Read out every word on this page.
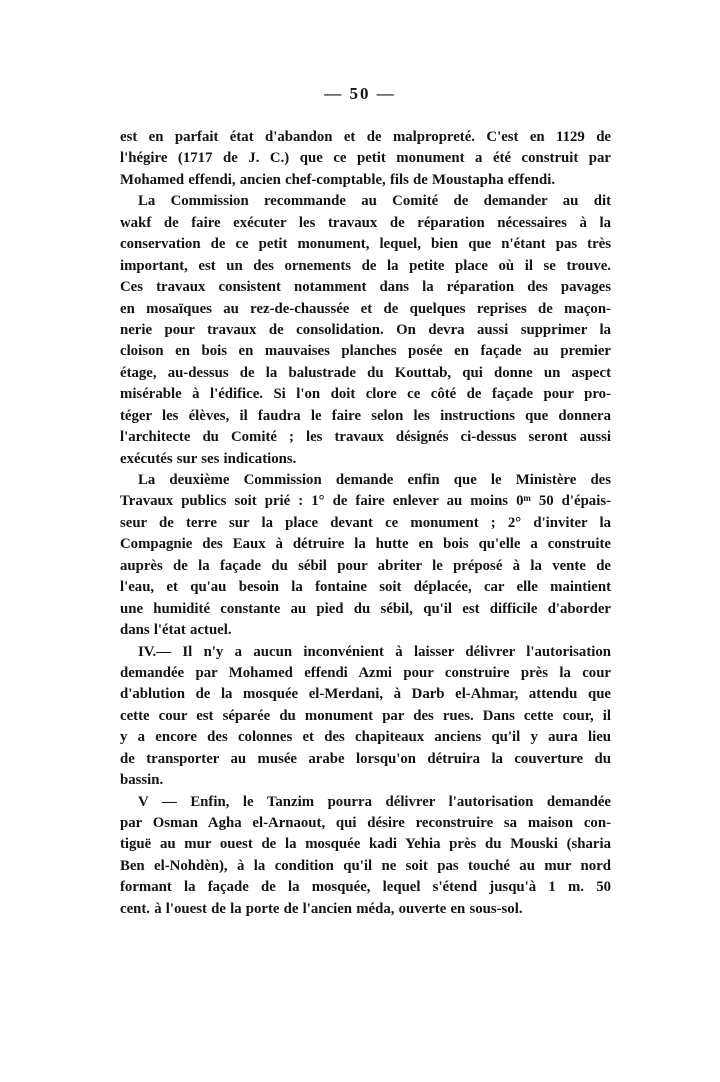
— 50 —
est en parfait état d'abandon et de malpropreté. C'est en 1129 de
l'hégire (1717 de J. C.) que ce petit monument a été construit par
Mohamed effendi, ancien chef-comptable, fils de Moustapha effendi.
La Commission recommande au Comité de demander au dit
wakf de faire exécuter les travaux de réparation nécessaires à la
conservation de ce petit monument, lequel, bien que n'étant pas très
important, est un des ornements de la petite place où il se trouve.
Ces travaux consistent notamment dans la réparation des pavages
en mosaïques au rez-de-chaussée et de quelques reprises de maçon-
nerie pour travaux de consolidation. On devra aussi supprimer la
cloison en bois en mauvaises planches posée en façade au premier
étage, au-dessus de la balustrade du Kouttab, qui donne un aspect
misérable à l'édifice. Si l'on doit clore ce côté de façade pour pro-
téger les élèves, il faudra le faire selon les instructions que donnera
l'architecte du Comité ; les travaux désignés ci-dessus seront aussi
exécutés sur ses indications.
La deuxième Commission demande enfin que le Ministère des
Travaux publics soit prié : 1° de faire enlever au moins 0ᵐ 50 d'épais-
seur de terre sur la place devant ce monument ; 2° d'inviter la
Compagnie des Eaux à détruire la hutte en bois qu'elle a construite
auprès de la façade du sébil pour abriter le préposé à la vente de
l'eau, et qu'au besoin la fontaine soit déplacée, car elle maintient
une humidité constante au pied du sébil, qu'il est difficile d'aborder
dans l'état actuel.
IV.— Il n'y a aucun inconvénient à laisser délivrer l'autorisation
demandée par Mohamed effendi Azmi pour construire près la cour
d'ablution de la mosquée el-Merdani, à Darb el-Ahmar, attendu que
cette cour est séparée du monument par des rues. Dans cette cour, il
y a encore des colonnes et des chapiteaux anciens qu'il y aura lieu
de transporter au musée arabe lorsqu'on détruira la couverture du
bassin.
V — Enfin, le Tanzim pourra délivrer l'autorisation demandée
par Osman Agha el-Arnaout, qui désire reconstruire sa maison con-
tiguë au mur ouest de la mosquée kadi Yehia près du Mouski (sharia
Ben el-Nohdèn), à la condition qu'il ne soit pas touché au mur nord
formant la façade de la mosquée, lequel s'étend jusqu'à 1 m. 50
cent. à l'ouest de la porte de l'ancien méda, ouverte en sous-sol.
